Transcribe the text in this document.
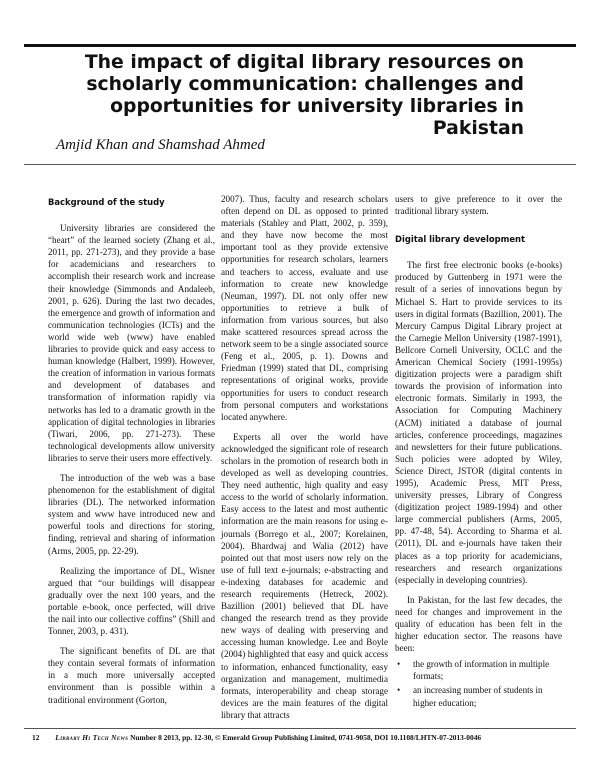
The impact of digital library resources on scholarly communication: challenges and opportunities for university libraries in Pakistan
Amjid Khan and Shamshad Ahmed
Background of the study

University libraries are considered the “heart” of the learned society (Zhang et al., 2011, pp. 271-273), and they provide a base for academicians and researchers to accomplish their research work and increase their knowledge (Simmonds and Andaleeb, 2001, p. 626). During the last two decades, the emergence and growth of information and communication technologies (ICTs) and the world wide web (www) have enabled libraries to provide quick and easy access to human knowledge (Halbert, 1999). However, the creation of information in various formats and development of databases and transformation of information rapidly via networks has led to a dramatic growth in the application of digital technologies in libraries (Tiwari, 2006, pp. 271-273). These technological developments allow university libraries to serve their users more effectively.

The introduction of the web was a base phenomenon for the establishment of digital libraries (DL). The networked information system and www have introduced new and powerful tools and directions for storing, finding, retrieval and sharing of information (Arms, 2005, pp. 22-29).

Realizing the importance of DL, Wisner argued that “our buildings will disappear gradually over the next 100 years, and the portable e-book, once perfected, will drive the nail into our collective coffins” (Shill and Tonner, 2003, p. 431).

The significant benefits of DL are that they contain several formats of information in a much more universally accepted environment than is possible within a traditional environment (Gorton,

2007). Thus, faculty and research scholars often depend on DL as opposed to printed materials (Stahley and Platt, 2002, p. 359), and they have now become the most important tool as they provide extensive opportunities for research scholars, learners and teachers to access, evaluate and use information to create new knowledge (Neuman, 1997). DL not only offer new opportunities to retrieve a bulk of information from various sources, but also make scattered resources spread across the network seem to be a single associated source (Feng et al., 2005, p. 1). Downs and Friedman (1999) stated that DL, comprising representations of original works, provide opportunities for users to conduct research from personal computers and workstations located anywhere.

Experts all over the world have acknowledged the significant role of research scholars in the promotion of research both in developed as well as developing countries. They need authentic, high quality and easy access to the world of scholarly information. Easy access to the latest and most authentic information are the main reasons for using e-journals (Borrego et al., 2007; Korelainen, 2004). Bhardwaj and Walia (2012) have pointed out that most users now rely on the use of full text e-journals; e-abstracting and e-indexing databases for academic and research requirements (Hetreck, 2002). Bazillion (2001) believed that DL have changed the research trend as they provide new ways of dealing with preserving and accessing human knowledge. Lee and Boyle (2004) highlighted that easy and quick access to information, enhanced functionality, easy organization and management, multimedia formats, interoperability and cheap storage devices are the main features of the digital library that attracts

users to give preference to it over the traditional library system.

Digital library development

The first free electronic books (e-books) produced by Guttenberg in 1971 were the result of a series of innovations begun by Michael S. Hart to provide services to its users in digital formats (Bazillion, 2001). The Mercury Campus Digital Library project at the Carnegie Mellon University (1987-1991), Bellcore Cornell University, OCLC and the American Chemical Society (1991-1995s) digitization projects were a paradigm shift towards the provision of information into electronic formats. Similarly in 1993, the Association for Computing Machinery (ACM) initiated a database of journal articles, conference proceedings, magazines and newsletters for their future publications. Such policies were adopted by Wiley, Science Direct, JSTOR (digital contents in 1995), Academic Press, MIT Press, university presses, Library of Congress (digitization project 1989-1994) and other large commercial publishers (Arms, 2005, pp. 47-48, 54). According to Sharma et al. (2011), DL and e-journals have taken their places as a top priority for academicians, researchers and research organizations (especially in developing countries).

In Pakistan, for the last few decades, the need for changes and improvement in the quality of education has been felt in the higher education sector. The reasons have been:

• the growth of information in multiple formats;
• an increasing number of students in higher education;
12 Library Hi Tech News Number 8 2013, pp. 12-30, © Emerald Group Publishing Limited, 0741-9058, DOI 10.1108/LHTN-07-2013-0046
